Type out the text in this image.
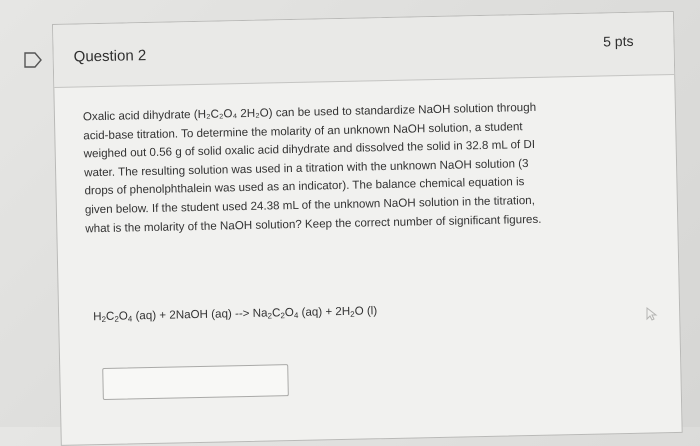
Question 2
5 pts
Oxalic acid dihydrate (H₂C₂O₄ 2H₂O) can be used to standardize NaOH solution through acid-base titration. To determine the molarity of an unknown NaOH solution, a student weighed out 0.56 g of solid oxalic acid dihydrate and dissolved the solid in 32.8 mL of DI water. The resulting solution was used in a titration with the unknown NaOH solution (3 drops of phenolphthalein was used as an indicator). The balance chemical equation is given below. If the student used 24.38 mL of the unknown NaOH solution in the titration, what is the molarity of the NaOH solution? Keep the correct number of significant figures.
$H_2C_2O_4$ (aq) + 2NaOH (aq) --> $Na_2C_2O_4$ $(aq) + 2H_2O$ (l)
